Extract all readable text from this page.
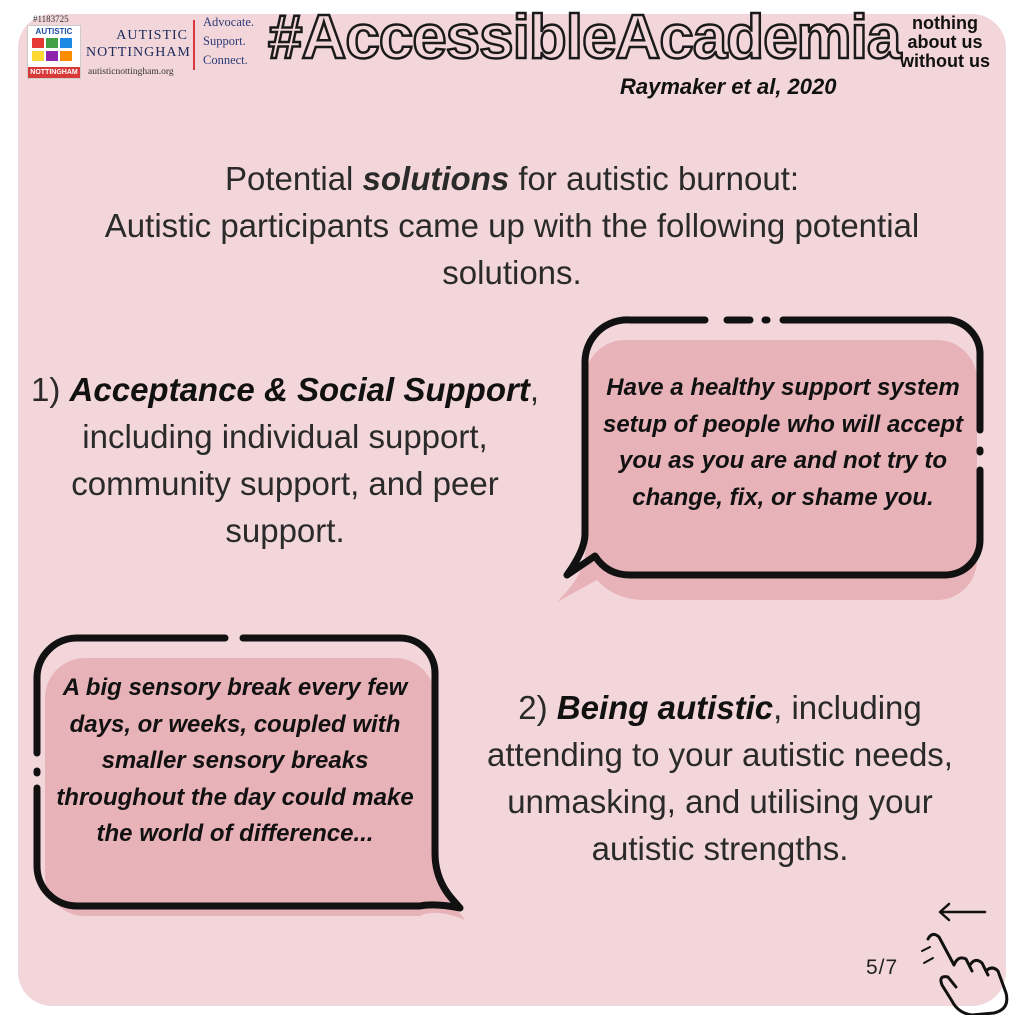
#1183725
AUTISTIC
NOTTINGHAM
AUTISTIC
NOTTINGHAM
autisticnottingham.org
Advocate.
Support.
Connect. #AccessibleAcademia
Raymaker et al, 2020
nothing
about us
without us
Potential solutions for autistic burnout:
Autistic participants came up with the following potential solutions.
1) Acceptance & Social Support, including individual support, community support, and peer support.
Have a healthy support system setup of people who will accept you as you are and not try to change, fix, or shame you.
A big sensory break every few days, or weeks, coupled with smaller sensory breaks throughout the day could make the world of difference...
2) Being autistic, including attending to your autistic needs, unmasking, and utilising your autistic strengths.
5/7
